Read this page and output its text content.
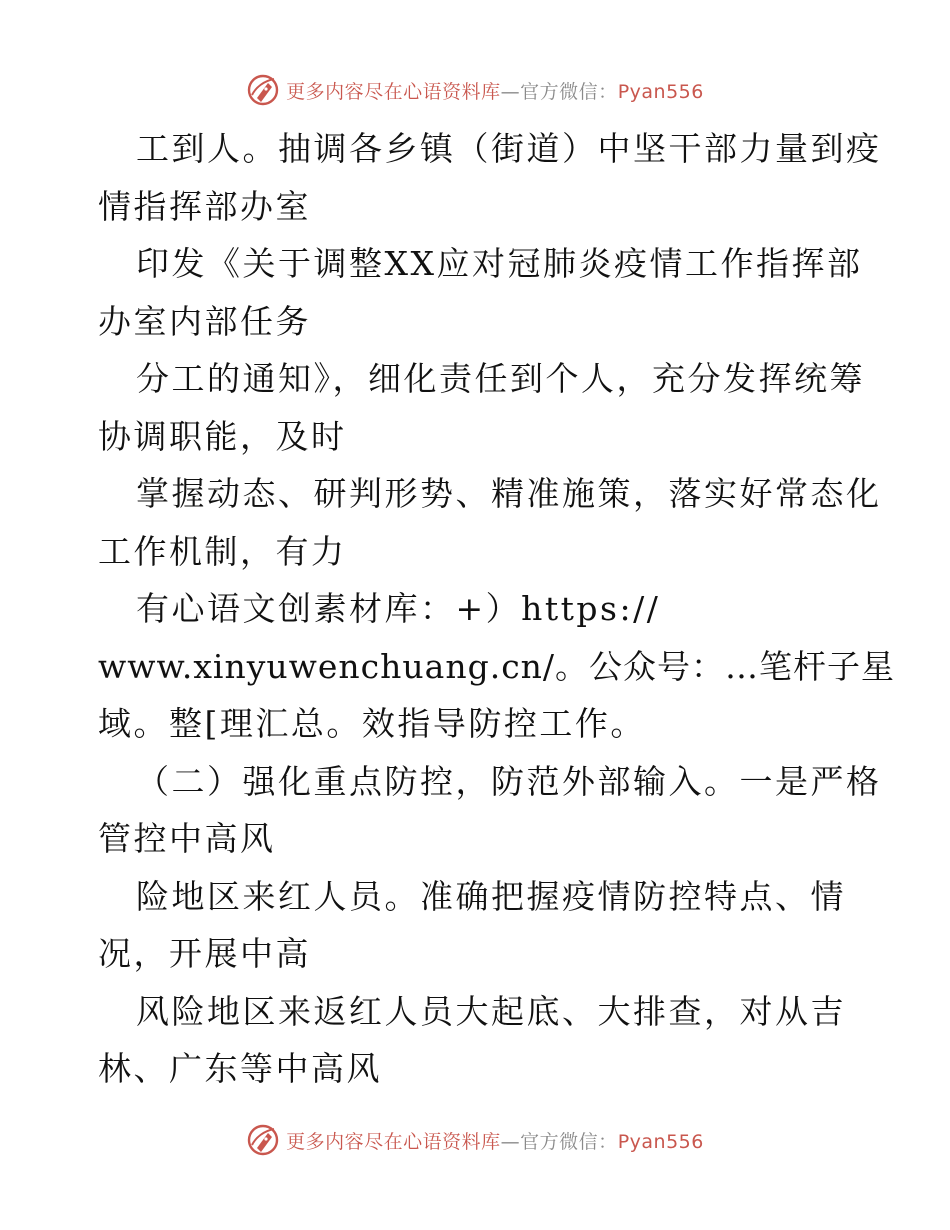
更多内容尽在心语资料库—官方微信：Pyan556
工到人。抽调各乡镇（街道）中坚干部力量到疫
情指挥部办室
印发《关于调整XX应对冠肺炎疫情工作指挥部
办室内部任务
分工的通知》，细化责任到个人，充分发挥统筹
协调职能，及时
掌握动态、研判形势、精准施策，落实好常态化
工作机制，有力
有心语文创素材库：+）https://
www.xinyuwenchuang.cn/。公众号：…笔杆子星
域。整[理汇总。效指导防控工作。
（二）强化重点防控，防范外部输入。一是严格
管控中高风
险地区来红人员。准确把握疫情防控特点、情
况，开展中高
风险地区来返红人员大起底、大排查，对从吉
林、广东等中高风
更多内容尽在心语资料库—官方微信：Pyan556
